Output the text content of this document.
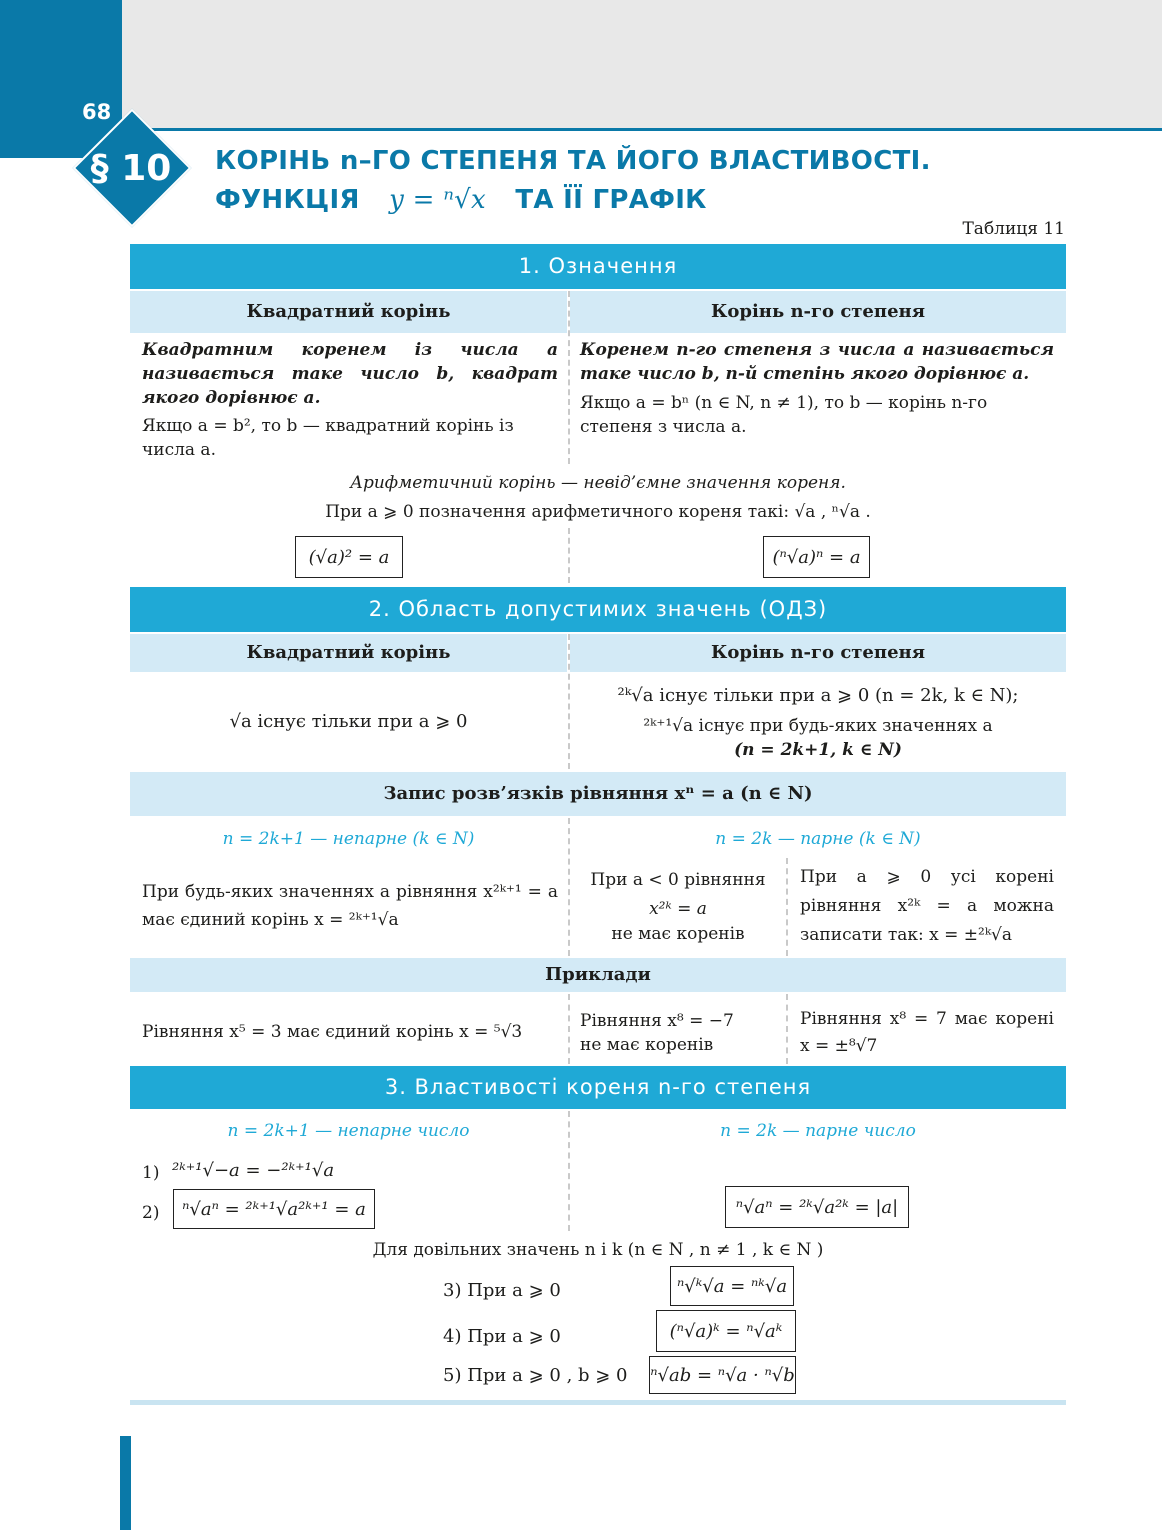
68
§ 10	КОРІНЬ n–ГО СТЕПЕНЯ ТА ЙОГО ВЛАСТИВОСТІ.
ФУНКЦІЯ y = ⁿ√x ТА ЇЇ ГРАФІК
Таблиця 11
1. Означення
Квадратний корінь	Корінь n-го степеня
Квадратним коренем із числа a називається таке число b, квадрат якого дорівнює a.
Якщо a = b², то b — квадратний корінь із числа a.
Коренем n-го степеня з числа a називається таке число b, n-й степінь якого дорівнює a.
Якщо a = bⁿ (n ∈ N, n ≠ 1), то b — корінь n-го степеня з числа a.
Арифметичний корінь — невід’ємне значення кореня.
При a ⩾ 0 позначення арифметичного кореня такі: √a , ⁿ√a .
(√a)² = a	(ⁿ√a)ⁿ = a
2. Область допустимих значень (ОДЗ)
Квадратний корінь	Корінь n-го степеня
√a існує тільки при a ⩾ 0
²ᵏ√a існує тільки при a ⩾ 0 (n = 2k, k ∈ N);
²ᵏ⁺¹√a існує при будь-яких значеннях a
(n = 2k+1, k ∈ N)
Запис розв’язків рівняння xⁿ = a (n ∈ N)
n = 2k+1 — непарне (k ∈ N)	n = 2k — парне (k ∈ N)
При будь-яких значеннях a рівняння x²ᵏ⁺¹ = a має єдиний корінь x = ²ᵏ⁺¹√a
При a < 0 рівняння
x²ᵏ = a
не має коренів
При a ⩾ 0 усі корені рівняння x²ᵏ = a можна записати так: x = ±²ᵏ√a
Приклади
Рівняння x⁵ = 3 має єдиний корінь x = ⁵√3
Рівняння x⁸ = −7
не має коренів
Рівняння x⁸ = 7 має корені x = ±⁸√7
3. Властивості кореня n-го степеня
n = 2k+1 — непарне число	n = 2k — парне число
1) ²ᵏ⁺¹√−a = −²ᵏ⁺¹√a
2)	ⁿ√aⁿ = ²ᵏ⁺¹√a²ᵏ⁺¹ = a	ⁿ√aⁿ = ²ᵏ√a²ᵏ = |a|
Для довільних значень n і k (n ∈ N , n ≠ 1 , k ∈ N )
3) При a ⩾ 0	ⁿ√ᵏ√a = ⁿᵏ√a
4) При a ⩾ 0	(ⁿ√a)ᵏ = ⁿ√aᵏ
5) При a ⩾ 0 , b ⩾ 0 ⁿ√ab = ⁿ√a · ⁿ√b
